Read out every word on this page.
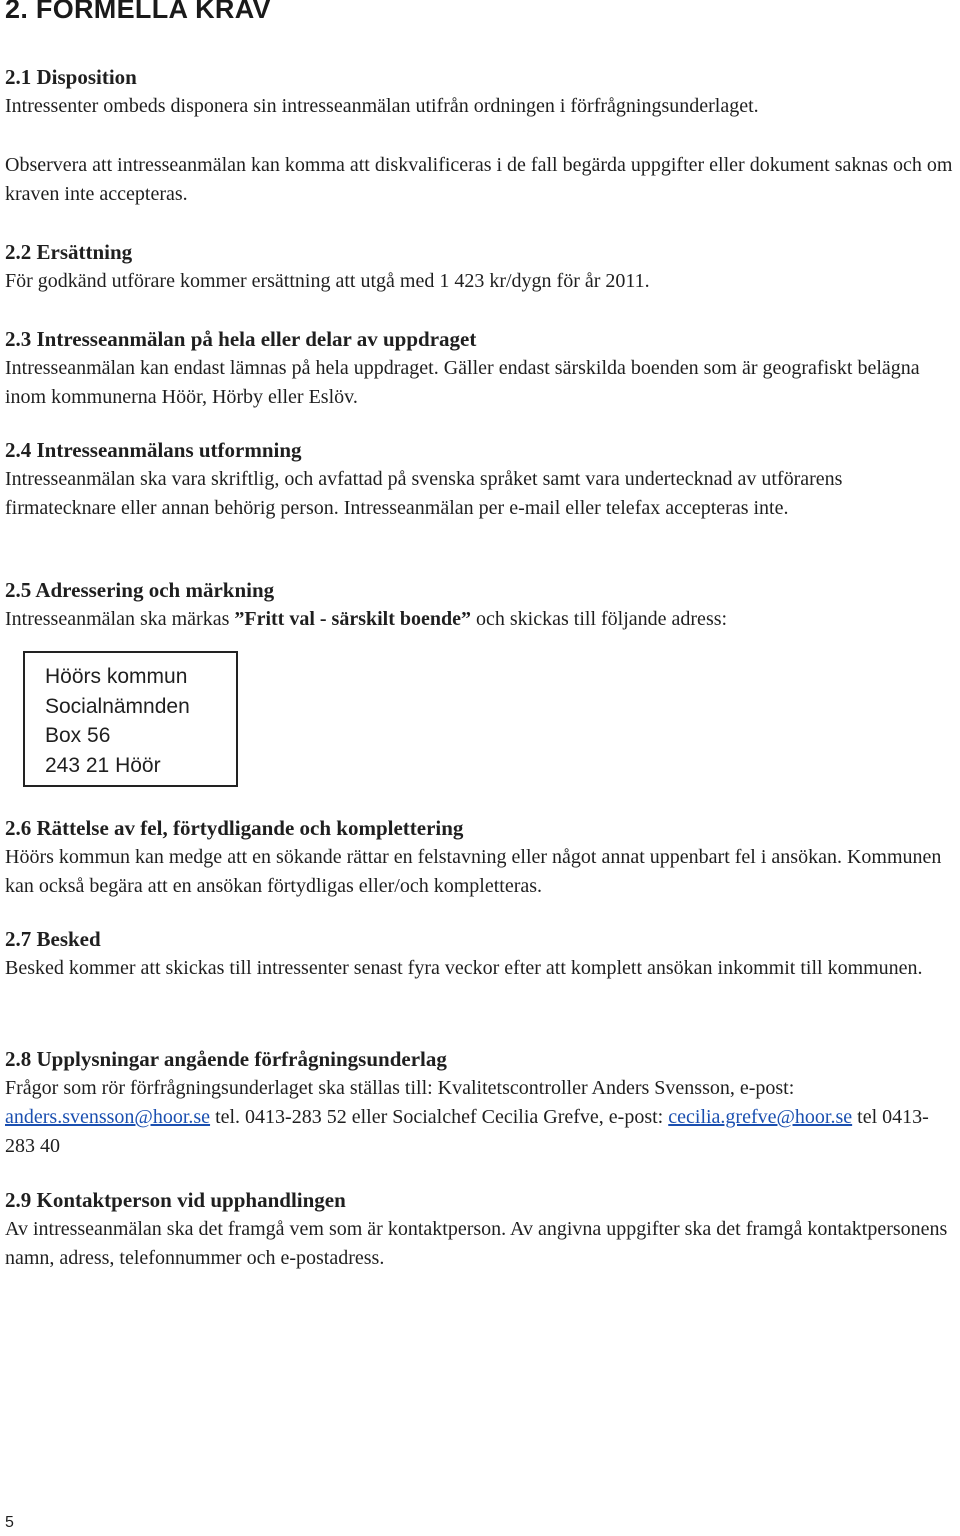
2. FORMELLA KRAV

2.1 Disposition

Intressenter ombeds disponera sin intresseanmälan utifrån ordningen i förfrågningsunderlaget.

Observera att intresseanmälan kan komma att diskvalificeras i de fall begärda uppgifter eller dokument saknas och om kraven inte accepteras.

2.2 Ersättning

För godkänd utförare kommer ersättning att utgå med 1 423 kr/dygn för år 2011.

2.3 Intresseanmälan på hela eller delar av uppdraget

Intresseanmälan kan endast lämnas på hela uppdraget. Gäller endast särskilda boenden som är geografiskt belägna inom kommunerna Höör, Hörby eller Eslöv.

2.4 Intresseanmälans utformning

Intresseanmälan ska vara skriftlig, och avfattad på svenska språket samt vara undertecknad av utförarens firmatecknare eller annan behörig person. Intresseanmälan per e-mail eller telefax accepteras inte.

2.5 Adressering och märkning

Intresseanmälan ska märkas ”Fritt val - särskilt boende” och skickas till följande adress:

Höörs kommun
Socialnämnden
Box 56
243 21 Höör

2.6 Rättelse av fel, förtydligande och komplettering

Höörs kommun kan medge att en sökande rättar en felstavning eller något annat uppenbart fel i ansökan. Kommunen kan också begära att en ansökan förtydligas eller/och kompletteras.

2.7 Besked

Besked kommer att skickas till intressenter senast fyra veckor efter att komplett ansökan inkommit till kommunen.

2.8 Upplysningar angående förfrågningsunderlag

Frågor som rör förfrågningsunderlaget ska ställas till: Kvalitetscontroller Anders Svensson, e-post: anders.svensson@hoor.se tel. 0413-283 52 eller Socialchef Cecilia Grefve, e-post: cecilia.grefve@hoor.se tel 0413-283 40

2.9 Kontaktperson vid upphandlingen

Av intresseanmälan ska det framgå vem som är kontaktperson. Av angivna uppgifter ska det framgå kontaktpersonens namn, adress, telefonnummer och e-postadress.

5
